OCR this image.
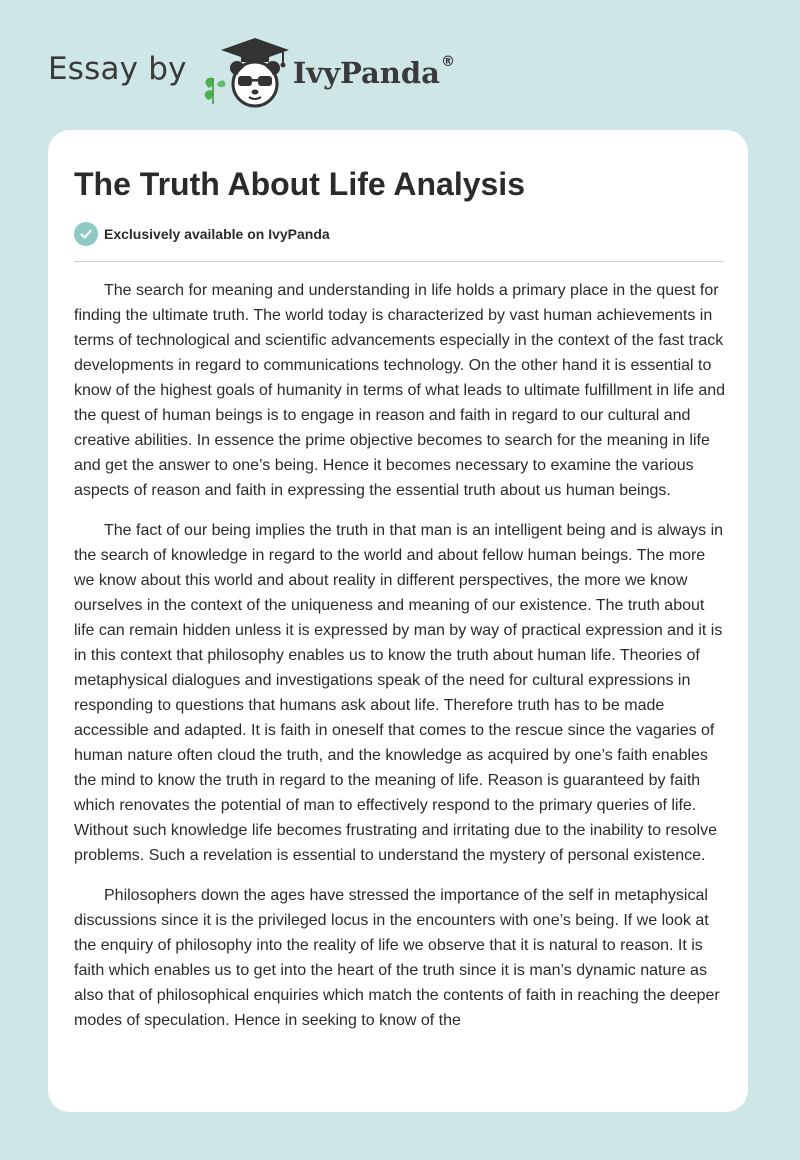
Essay by	IvyPanda®
The Truth About Life Analysis
Exclusively available on IvyPanda

The search for meaning and understanding in life holds a primary place in the quest for finding the ultimate truth. The world today is characterized by vast human achievements in terms of technological and scientific advancements especially in the context of the fast track developments in regard to communications technology. On the other hand it is essential to know of the highest goals of humanity in terms of what leads to ultimate fulfillment in life and the quest of human beings is to engage in reason and faith in regard to our cultural and creative abilities. In essence the prime objective becomes to search for the meaning in life and get the answer to one’s being. Hence it becomes necessary to examine the various aspects of reason and faith in expressing the essential truth about us human beings.

The fact of our being implies the truth in that man is an intelligent being and is always in the search of knowledge in regard to the world and about fellow human beings. The more we know about this world and about reality in different perspectives, the more we know ourselves in the context of the uniqueness and meaning of our existence. The truth about life can remain hidden unless it is expressed by man by way of practical expression and it is in this context that philosophy enables us to know the truth about human life. Theories of metaphysical dialogues and investigations speak of the need for cultural expressions in responding to questions that humans ask about life. Therefore truth has to be made accessible and adapted. It is faith in oneself that comes to the rescue since the vagaries of human nature often cloud the truth, and the knowledge as acquired by one’s faith enables the mind to know the truth in regard to the meaning of life. Reason is guaranteed by faith which renovates the potential of man to effectively respond to the primary queries of life. Without such knowledge life becomes frustrating and irritating due to the inability to resolve problems. Such a revelation is essential to understand the mystery of personal existence.

Philosophers down the ages have stressed the importance of the self in metaphysical discussions since it is the privileged locus in the encounters with one’s being. If we look at the enquiry of philosophy into the reality of life we observe that it is natural to reason. It is faith which enables us to get into the heart of the truth since it is man’s dynamic nature as also that of philosophical enquiries which match the contents of faith in reaching the deeper modes of speculation. Hence in seeking to know of the
